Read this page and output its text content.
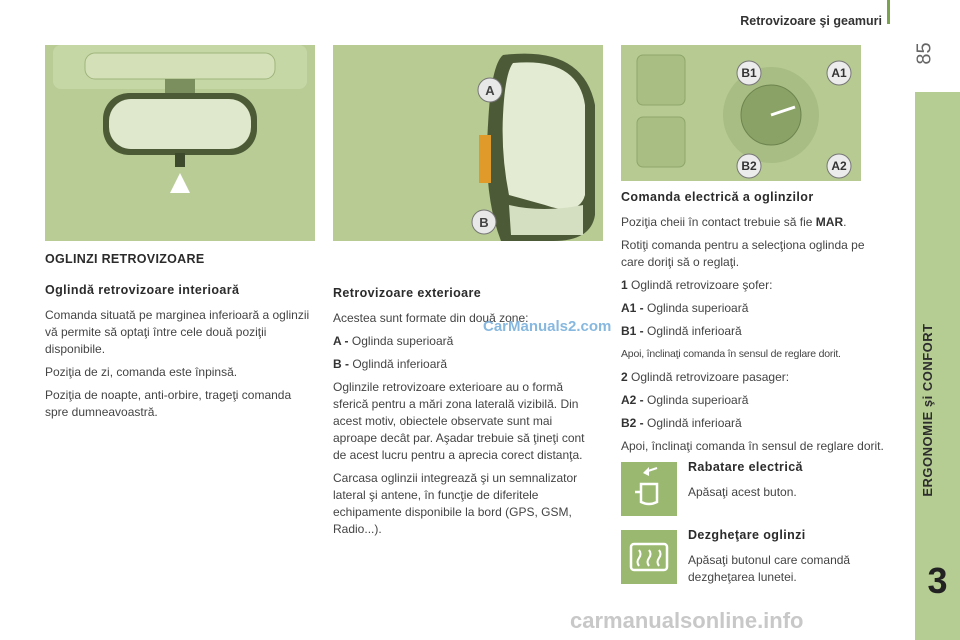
Retrovizoare şi geamuri
85
ERGONOMIE şi CONFORT
3
A
B
B1	A1
B2	A2
OGLINZI RETROVIZOARE
Oglindă retrovizoare interioară

Comanda situată pe marginea inferioară a oglinzii vă permite să optaţi între cele două poziţii disponibile.

Poziţia de zi, comanda este înpinsă.

Poziţia de noapte, anti-orbire, trageţi comanda spre dumneavoastră.

Retrovizoare exterioare

Acestea sunt formate din două zone:

A - Oglinda superioară

B - Oglindă inferioară

Oglinzile retrovizoare exterioare au o formă sferică pentru a mări zona laterală vizibilă. Din acest motiv, obiectele observate sunt mai aproape decât par. Aşadar trebuie să ţineţi cont de acest lucru pentru a aprecia corect distanţa.

Carcasa oglinzii integrează şi un semnalizator lateral şi antene, în funcţie de diferitele echipamente disponibile la bord (GPS, GSM, Radio...).

Comanda electrică a oglinzilor

Poziţia cheii în contact trebuie să fie MAR.

Rotiţi comanda pentru a selecţiona oglinda pe care doriţi să o reglaţi.

1 Oglindă retrovizoare şofer:

A1 - Oglinda superioară

B1 - Oglindă inferioară

Apoi, înclinaţi comanda în sensul de reglare dorit.

2 Oglindă retrovizoare pasager:

A2 - Oglinda superioară

B2 - Oglindă inferioară

Apoi, înclinaţi comanda în sensul de reglare dorit.

Rabatare electrică

Apăsaţi acest buton.

Dezgheţare oglinzi

Apăsaţi butonul care comandă dezgheţarea lunetei.

CarManuals2.com
carmanualsonline.info
